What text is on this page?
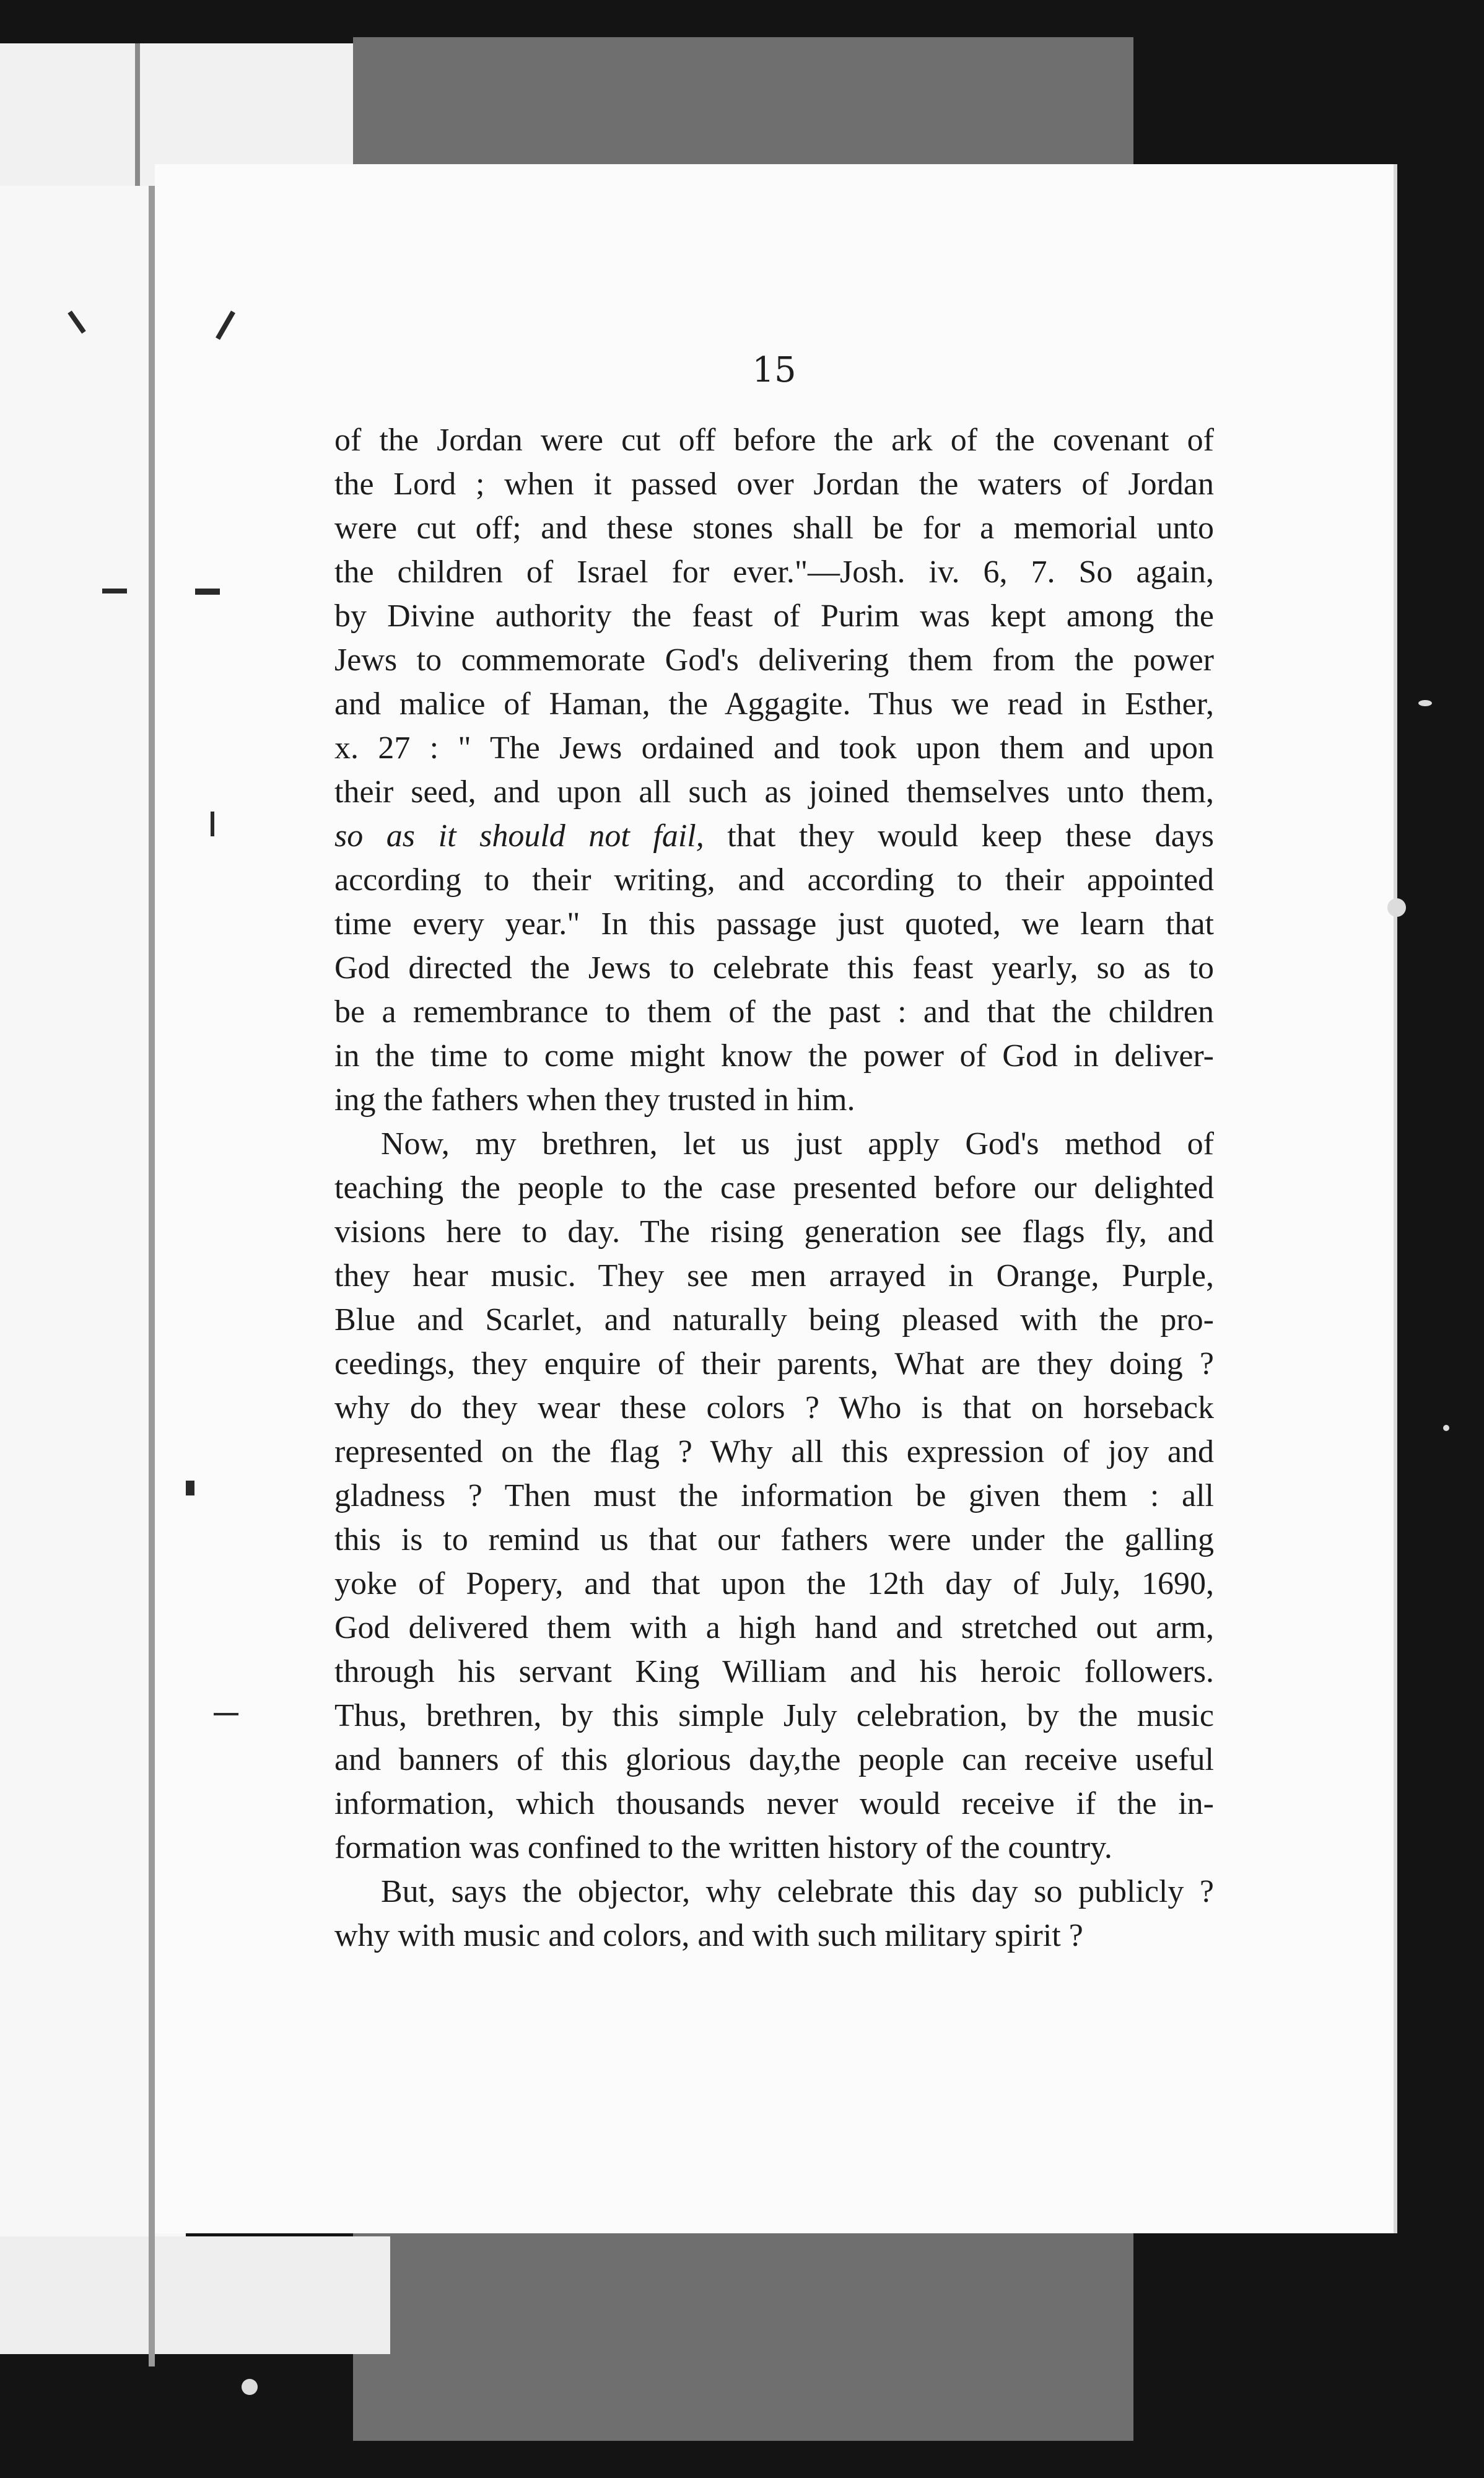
15
of the Jordan were cut off before the ark of the covenant of
the Lord ; when it passed over Jordan the waters of Jordan
were cut off; and these stones shall be for a memorial unto
the children of Israel for ever."—Josh. iv. 6, 7. So again,
by Divine authority the feast of Purim was kept among the
Jews to commemorate God's delivering them from the power
and malice of Haman, the Aggagite. Thus we read in Esther,
x. 27 : " The Jews ordained and took upon them and upon
their seed, and upon all such as joined themselves unto them,
so as it should not fail, that they would keep these days
according to their writing, and according to their appointed
time every year." In this passage just quoted, we learn that
God directed the Jews to celebrate this feast yearly, so as to
be a remembrance to them of the past : and that the children
in the time to come might know the power of God in deliver-
ing the fathers when they trusted in him.
Now, my brethren, let us just apply God's method of
teaching the people to the case presented before our delighted
visions here to day. The rising generation see flags fly, and
they hear music. They see men arrayed in Orange, Purple,
Blue and Scarlet, and naturally being pleased with the pro-
ceedings, they enquire of their parents, What are they doing ?
why do they wear these colors ? Who is that on horseback
represented on the flag ? Why all this expression of joy and
gladness ? Then must the information be given them : all
this is to remind us that our fathers were under the galling
yoke of Popery, and that upon the 12th day of July, 1690,
God delivered them with a high hand and stretched out arm,
through his servant King William and his heroic followers.
Thus, brethren, by this simple July celebration, by the music
and banners of this glorious day,the people can receive useful
information, which thousands never would receive if the in-
formation was confined to the written history of the country.
But, says the objector, why celebrate this day so publicly ?
why with music and colors, and with such military spirit ?
